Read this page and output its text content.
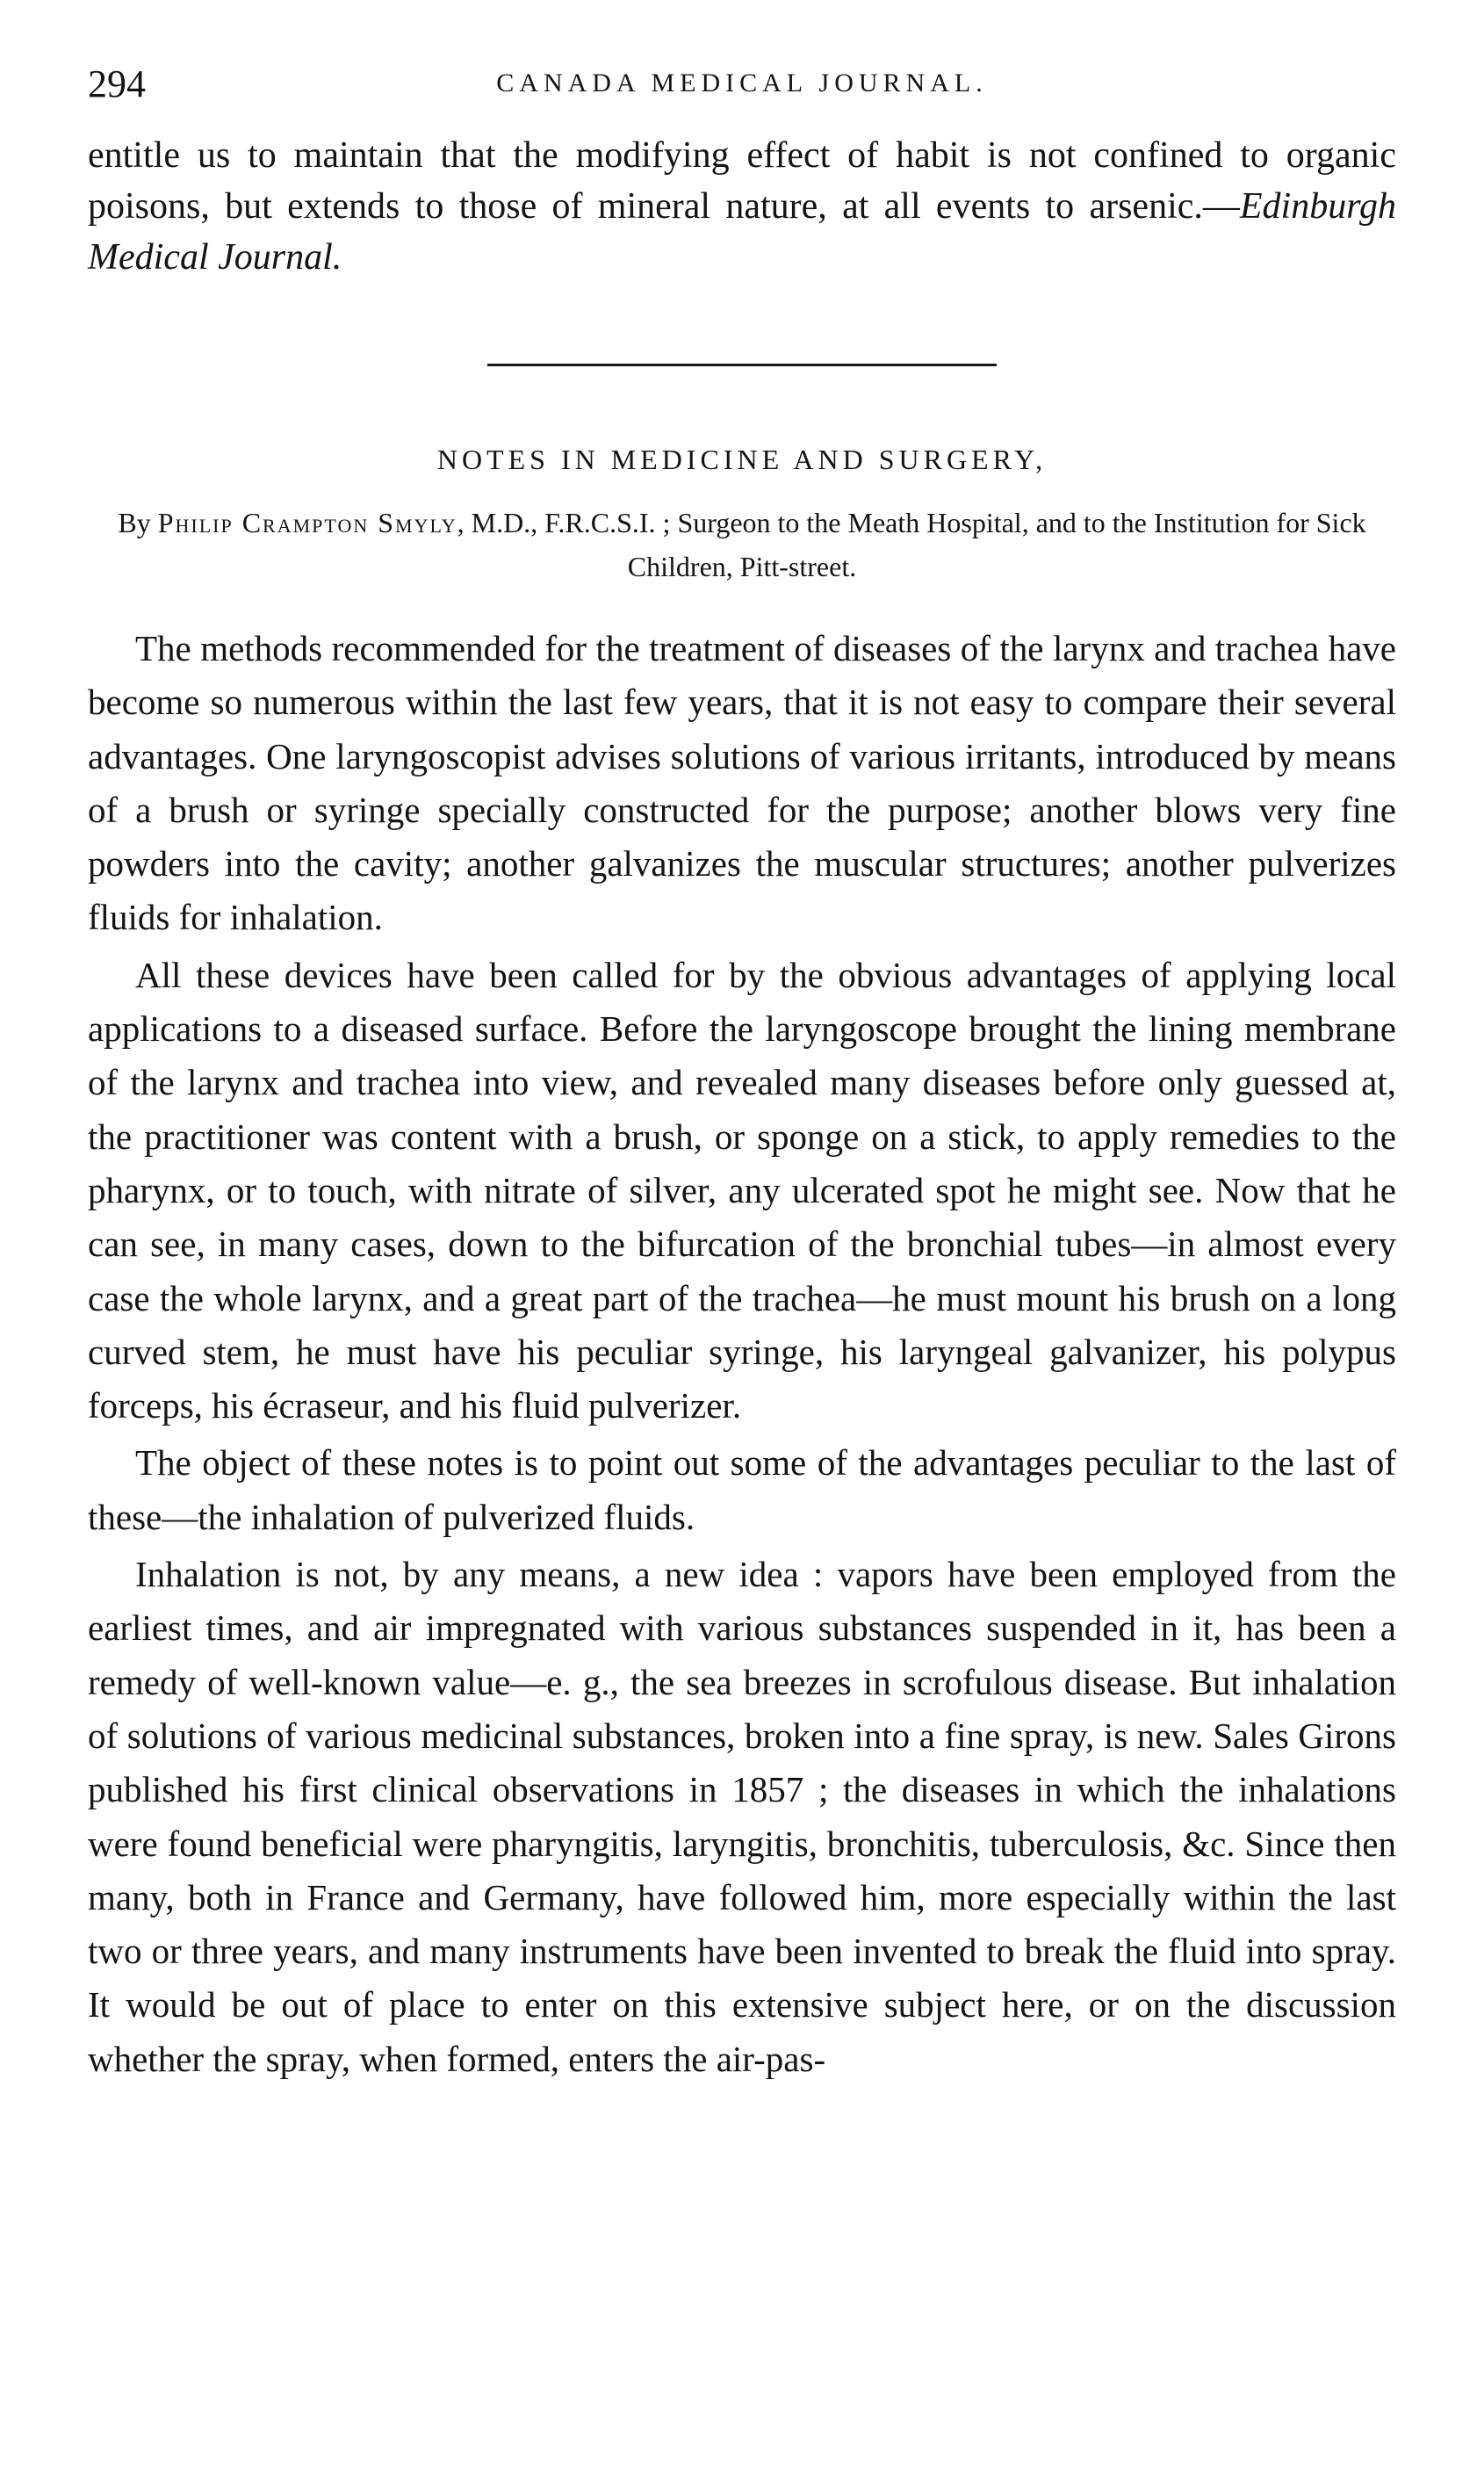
294	CANADA MEDICAL JOURNAL.

entitle us to maintain that the modifying effect of habit is not confined to organic poisons, but extends to those of mineral nature, at all events to arsenic.—Edinburgh Medical Journal.

NOTES IN MEDICINE AND SURGERY,
By Philip Crampton Smyly, M.D., F.R.C.S.I. ; Surgeon to the Meath Hospital, and to the Institution for Sick Children, Pitt-street.

The methods recommended for the treatment of diseases of the larynx and trachea have become so numerous within the last few years, that it is not easy to compare their several advantages. One laryngoscopist advises solutions of various irritants, introduced by means of a brush or syringe specially constructed for the purpose; another blows very fine powders into the cavity; another galvanizes the muscular structures; another pulverizes fluids for inhalation.

All these devices have been called for by the obvious advantages of applying local applications to a diseased surface. Before the laryngoscope brought the lining membrane of the larynx and trachea into view, and revealed many diseases before only guessed at, the practitioner was content with a brush, or sponge on a stick, to apply remedies to the pharynx, or to touch, with nitrate of silver, any ulcerated spot he might see. Now that he can see, in many cases, down to the bifurcation of the bronchial tubes—in almost every case the whole larynx, and a great part of the trachea—he must mount his brush on a long curved stem, he must have his peculiar syringe, his laryngeal galvanizer, his polypus forceps, his écraseur, and his fluid pulverizer.

The object of these notes is to point out some of the advantages peculiar to the last of these—the inhalation of pulverized fluids.

Inhalation is not, by any means, a new idea : vapors have been employed from the earliest times, and air impregnated with various substances suspended in it, has been a remedy of well-known value—e. g., the sea breezes in scrofulous disease. But inhalation of solutions of various medicinal substances, broken into a fine spray, is new. Sales Girons published his first clinical observations in 1857 ; the diseases in which the inhalations were found beneficial were pharyngitis, laryngitis, bronchitis, tuberculosis, &c. Since then many, both in France and Germany, have followed him, more especially within the last two or three years, and many instruments have been invented to break the fluid into spray. It would be out of place to enter on this extensive subject here, or on the discussion whether the spray, when formed, enters the air-pas-
